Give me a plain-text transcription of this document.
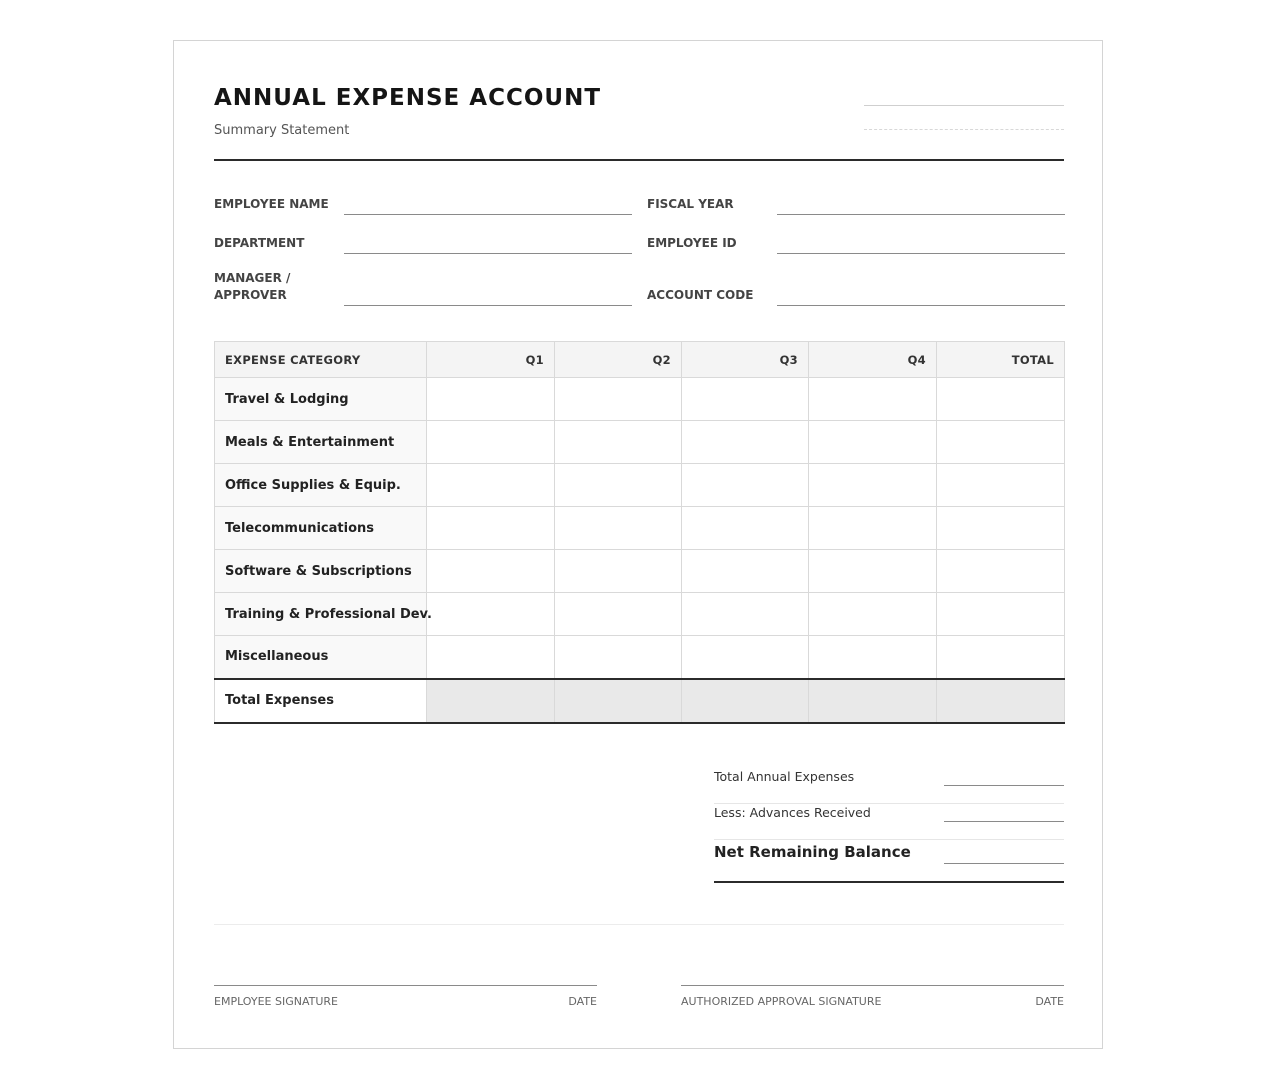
ANNUAL EXPENSE ACCOUNT
Summary Statement
EMPLOYEE NAME	FISCAL YEAR
DEPARTMENT	EMPLOYEE ID
MANAGER /
APPROVER	ACCOUNT CODE
EXPENSE CATEGORY	Q1	Q2	Q3	Q4	TOTAL
Travel & Lodging					
Meals & Entertainment					
Office Supplies & Equip.					
Telecommunications					
Software & Subscriptions					
Training & Professional Dev.					
Miscellaneous					
Total Expenses					
Total Annual Expenses
Less: Advances Received
Net Remaining Balance
EMPLOYEE SIGNATURE	DATE	AUTHORIZED APPROVAL SIGNATURE	DATE
